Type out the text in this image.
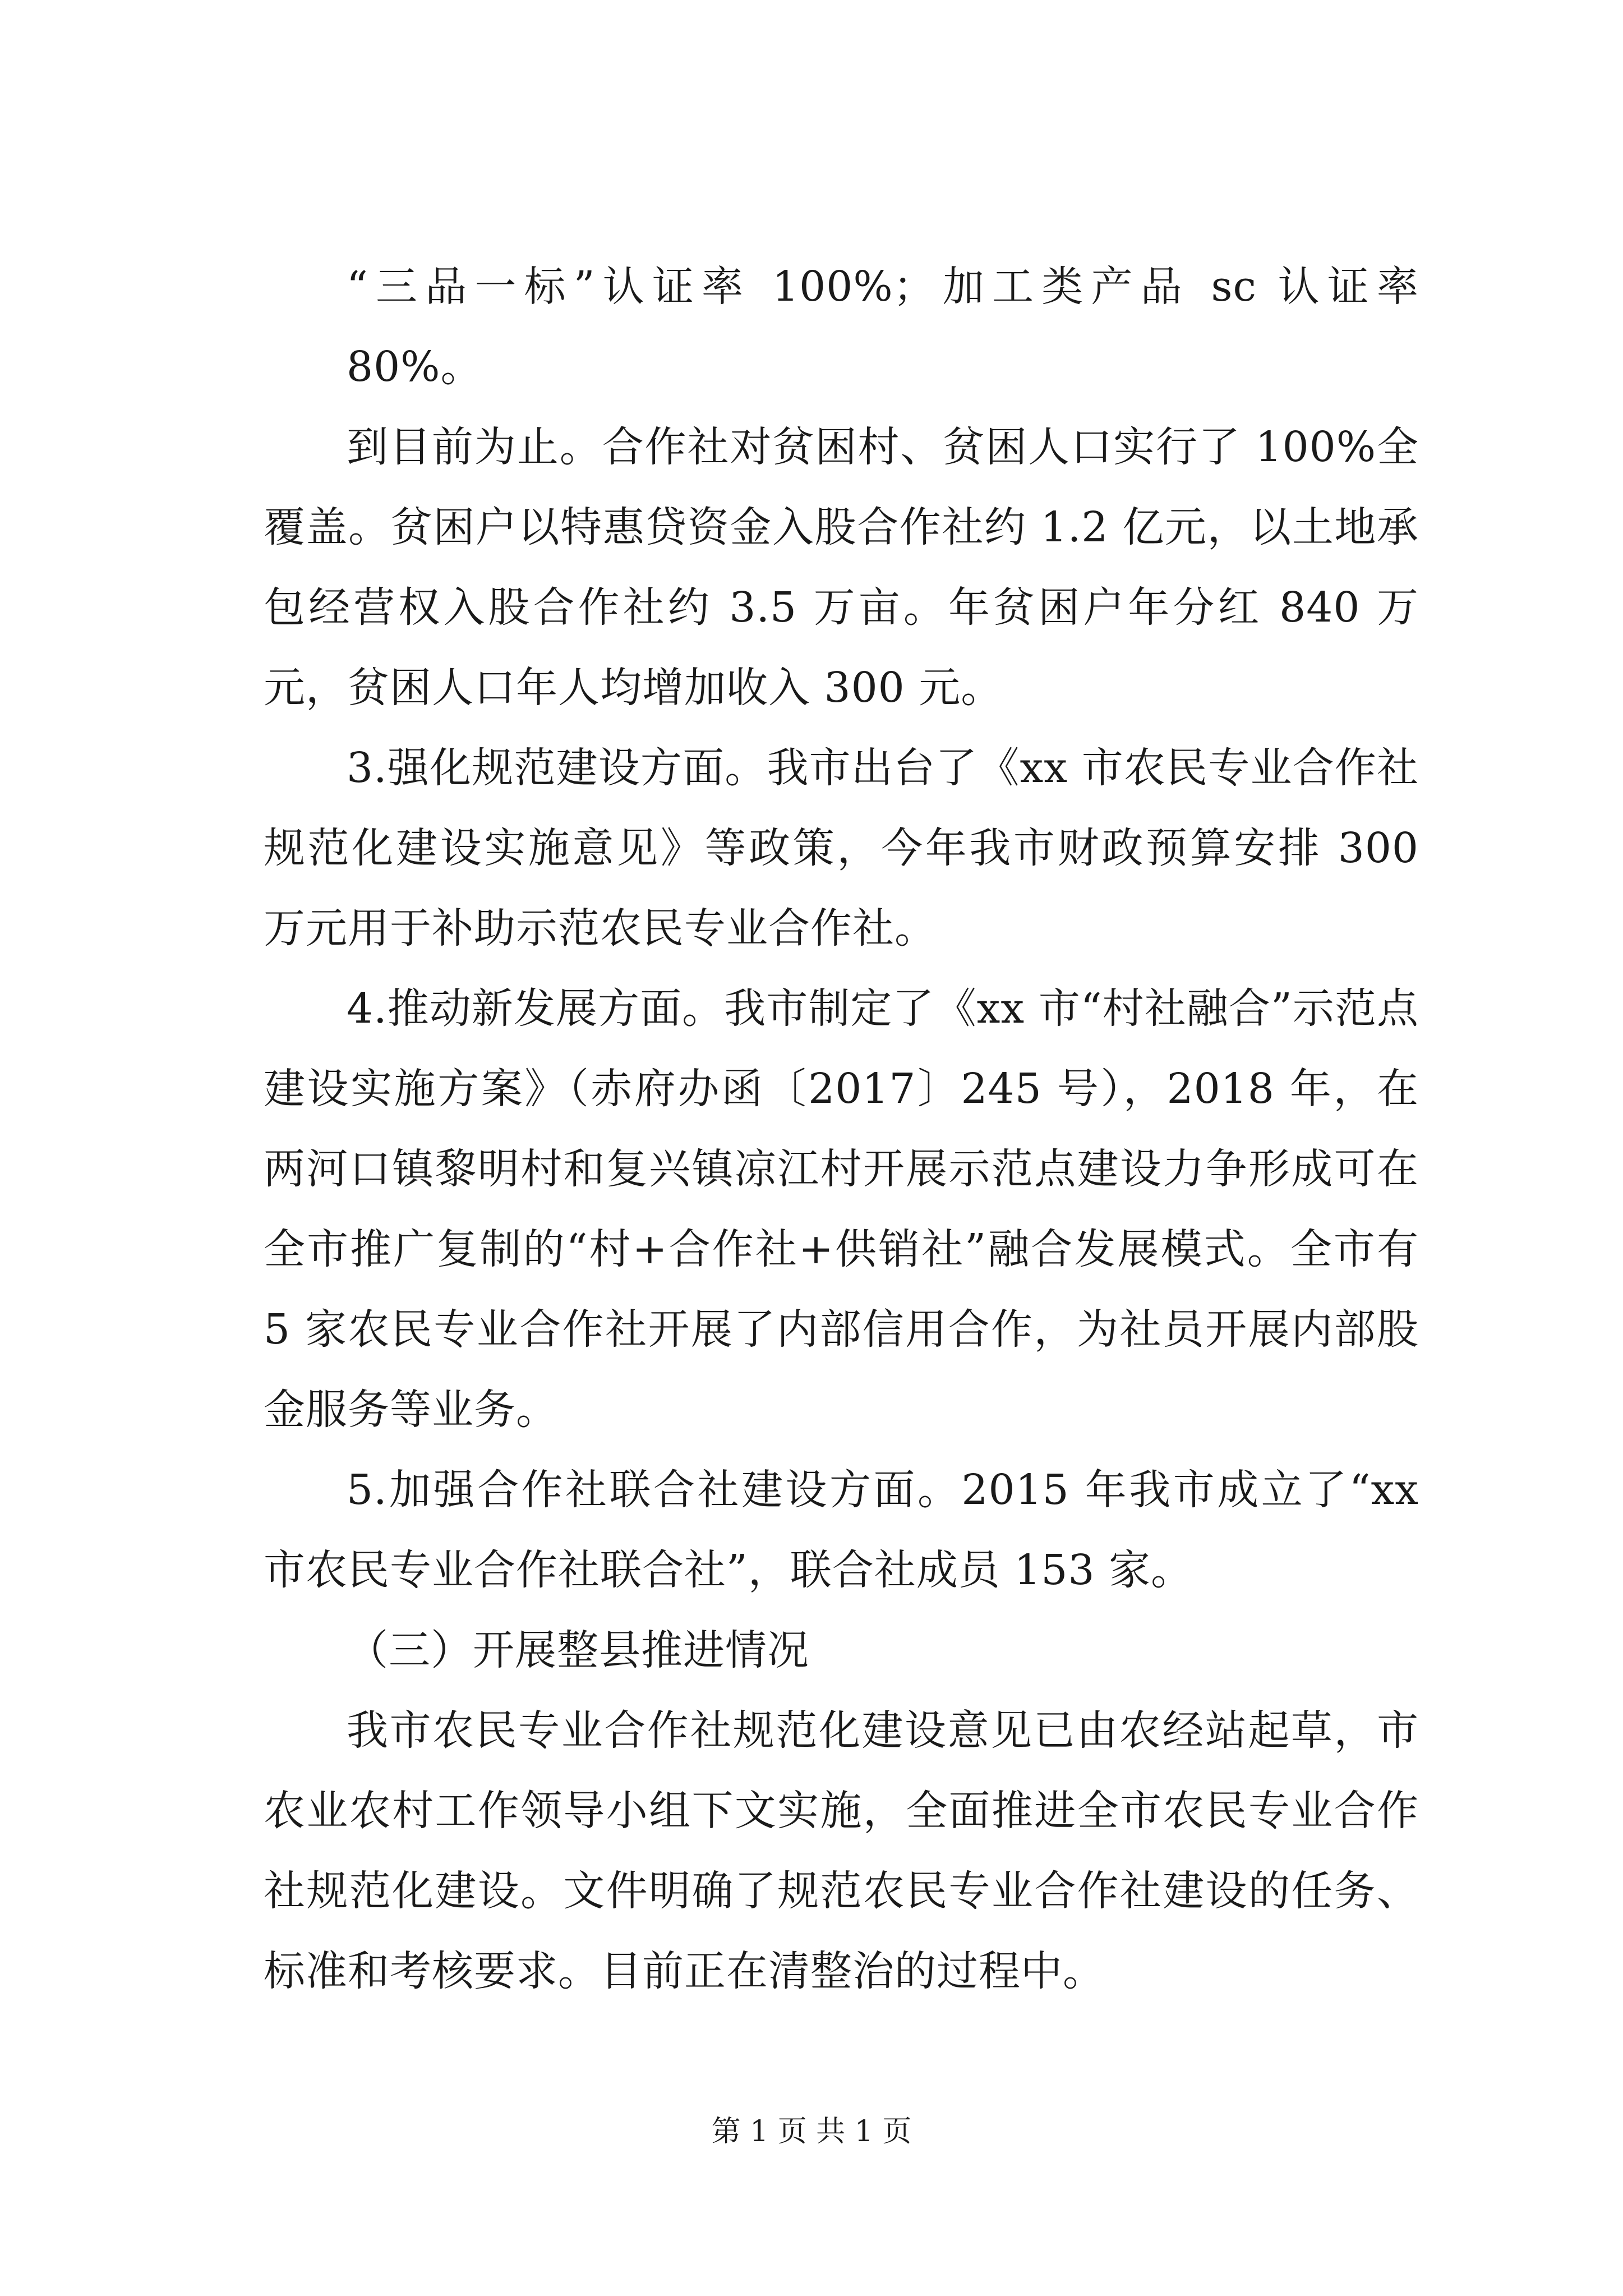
“三品一标”认证率 100%；加工类产品 sc 认证率 80%。

到目前为止。合作社对贫困村、贫困人口实行了 100%全覆盖。贫困户以特惠贷资金入股合作社约 1.2 亿元，以土地承包经营权入股合作社约 3.5 万亩。年贫困户年分红 840 万元，贫困人口年人均增加收入 300 元。

3.强化规范建设方面。我市出台了《xx 市农民专业合作社规范化建设实施意见》等政策，今年我市财政预算安排 300 万元用于补助示范农民专业合作社。

4.推动新发展方面。我市制定了《xx 市“村社融合”示范点建设实施方案》（赤府办函〔2017〕245 号），2018 年，在两河口镇黎明村和复兴镇凉江村开展示范点建设力争形成可在全市推广复制的“村+合作社+供销社”融合发展模式。全市有 5 家农民专业合作社开展了内部信用合作，为社员开展内部股金服务等业务。

5.加强合作社联合社建设方面。2015 年我市成立了“xx 市农民专业合作社联合社”，联合社成员 153 家。

（三）开展整县推进情况

我市农民专业合作社规范化建设意见已由农经站起草，市农业农村工作领导小组下文实施，全面推进全市农民专业合作社规范化建设。文件明确了规范农民专业合作社建设的任务、标准和考核要求。目前正在清整治的过程中。

第 1 页 共 1 页
